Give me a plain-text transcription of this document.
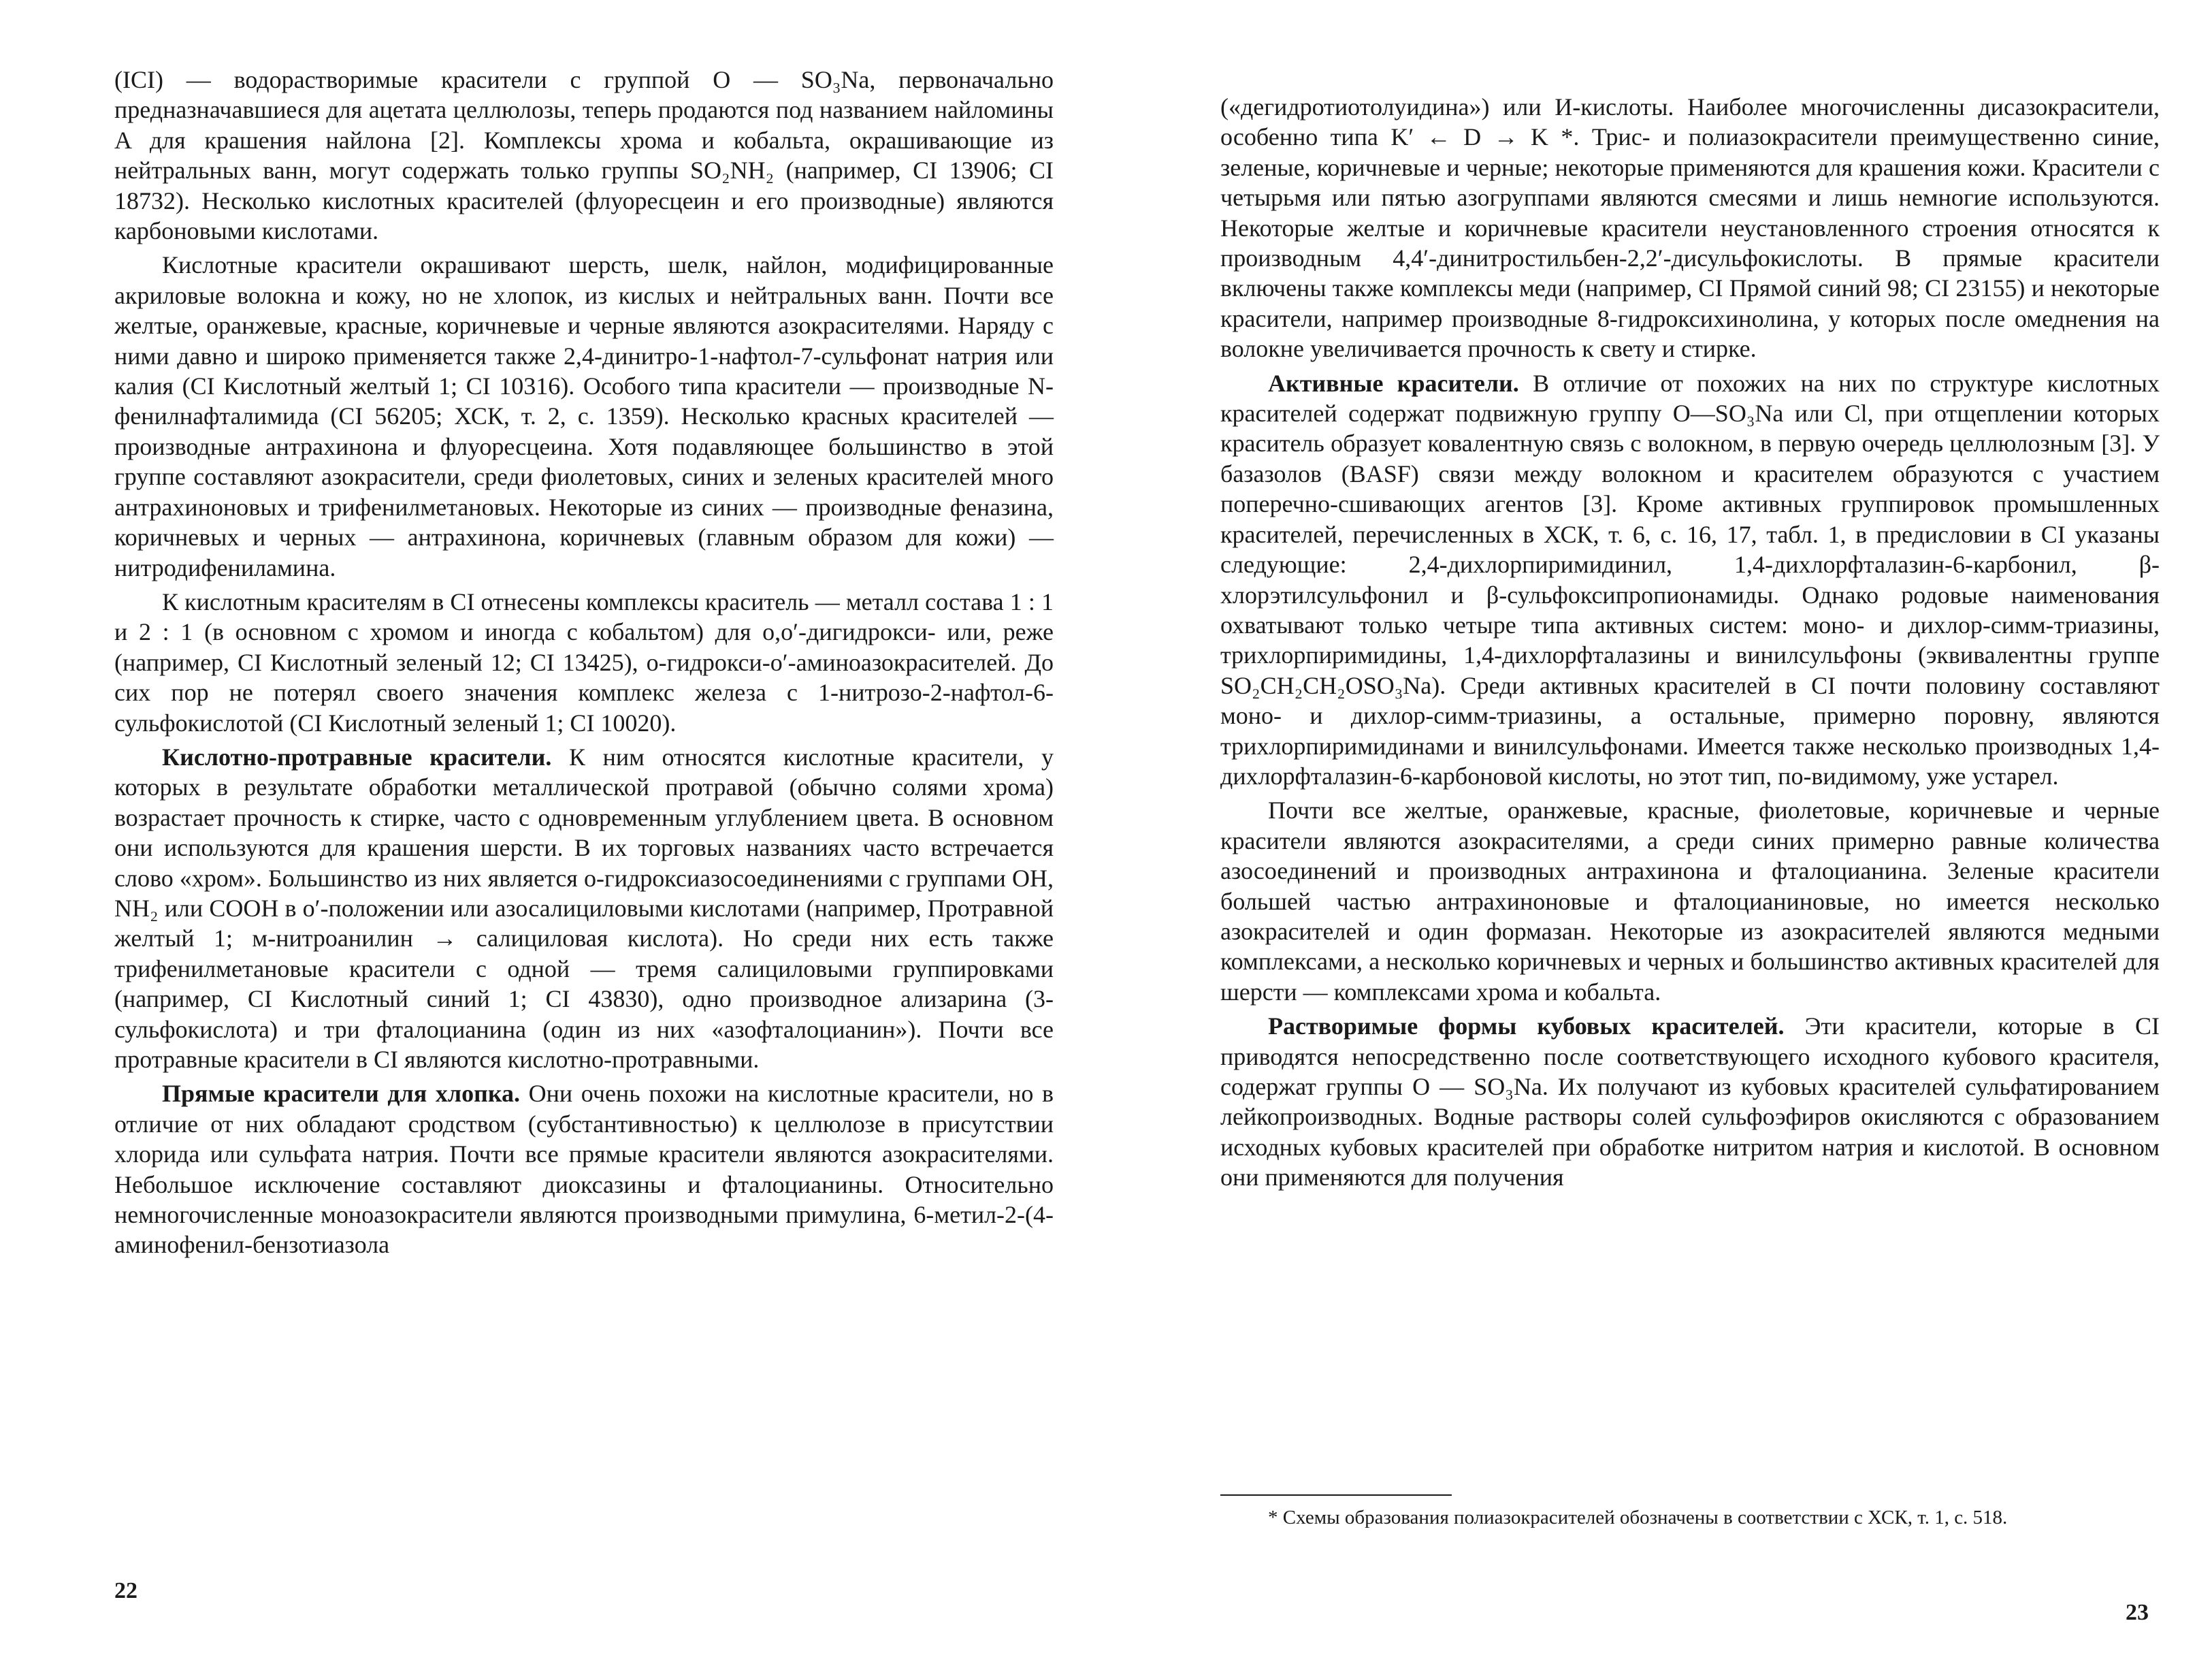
(ICI) — водорастворимые красители с группой O — SO₃Na, первоначально предназначавшиеся для ацетата целлюлозы, теперь продаются под названием найломины A для крашения найлона [2]. Комплексы хрома и кобальта, окрашивающие из нейтральных ванн, могут содержать только группы SO₂NH₂ (например, CI 13906; CI 18732). Несколько кислотных красителей (флуоресцеин и его производные) являются карбоновыми кислотами.

Кислотные красители окрашивают шерсть, шелк, найлон, модифицированные акриловые волокна и кожу, но не хлопок, из кислых и нейтральных ванн. Почти все желтые, оранжевые, красные, коричневые и черные являются азокрасителями. Наряду с ними давно и широко применяется также 2,4-динитро-1-нафтол-7-сульфонат натрия или калия (CI Кислотный желтый 1; CI 10316). Особого типа красители — производные N-фенилнафталимида (CI 56205; ХСК, т. 2, с. 1359). Несколько красных красителей — производные антрахинона и флуоресцеина. Хотя подавляющее большинство в этой группе составляют азокрасители, среди фиолетовых, синих и зеленых красителей много антрахиноновых и трифенилметановых. Некоторые из синих — производные феназина, коричневых и черных — антрахинона, коричневых (главным образом для кожи) — нитродифениламина.

К кислотным красителям в CI отнесены комплексы краситель — металл состава 1 : 1 и 2 : 1 (в основном с хромом и иногда с кобальтом) для o,o′-дигидрокси- или, реже (например, CI Кислотный зеленый 12; CI 13425), o-гидрокси-o′-аминоазокрасителей. До сих пор не потерял своего значения комплекс железа с 1-нитрозо-2-нафтол-6-сульфокислотой (CI Кислотный зеленый 1; CI 10020).

Кислотно-протравные красители. К ним относятся кислотные красители, у которых в результате обработки металлической протравой (обычно солями хрома) возрастает прочность к стирке, часто с одновременным углублением цвета. В основном они используются для крашения шерсти. В их торговых названиях часто встречается слово «хром». Большинство из них является o-гидроксиазосоединениями с группами OH, NH₂ или COOH в o′-положении или азосалициловыми кислотами (например, Протравной желтый 1; м-нитроанилин → салициловая кислота). Но среди них есть также трифенилметановые красители с одной — тремя салициловыми группировками (например, CI Кислотный синий 1; CI 43830), одно производное ализарина (3-сульфокислота) и три фталоцианина (один из них «азофталоцианин»). Почти все протравные красители в CI являются кислотно-протравными.

Прямые красители для хлопка. Они очень похожи на кислотные красители, но в отличие от них обладают сродством (субстантивностью) к целлюлозе в присутствии хлорида или сульфата натрия. Почти все прямые красители являются азокрасителями. Небольшое исключение составляют диоксазины и фталоцианины. Относительно немногочисленные моноазокрасители являются производными примулина, 6-метил-2-(4-аминофенил-бензотиазола

22

(«дегидротиотолуидина») или И-кислоты. Наиболее многочисленны дисазокрасители, особенно типа K′ ← D → K *. Трис- и полиазокрасители преимущественно синие, зеленые, коричневые и черные; некоторые применяются для крашения кожи. Красители с четырьмя или пятью азогруппами являются смесями и лишь немногие используются. Некоторые желтые и коричневые красители неустановленного строения относятся к производным 4,4′-динитростильбен-2,2′-дисульфокислоты. В прямые красители включены также комплексы меди (например, CI Прямой синий 98; CI 23155) и некоторые красители, например производные 8-гидроксихинолина, у которых после омеднения на волокне увеличивается прочность к свету и стирке.

Активные красители. В отличие от похожих на них по структуре кислотных красителей содержат подвижную группу O—SO₃Na или Cl, при отщеплении которых краситель образует ковалентную связь с волокном, в первую очередь целлюлозным [3]. У базазолов (BASF) связи между волокном и красителем образуются с участием поперечно-сшивающих агентов [3]. Кроме активных группировок промышленных красителей, перечисленных в ХСК, т. 6, с. 16, 17, табл. 1, в предисловии в CI указаны следующие: 2,4-дихлорпиримидинил, 1,4-дихлорфталазин-6-карбонил, β-хлорэтилсульфонил и β-сульфоксипропионамиды. Однако родовые наименования охватывают только четыре типа активных систем: моно- и дихлор-симм-триазины, трихлорпиримидины, 1,4-дихлорфталазины и винилсульфоны (эквивалентны группе SO₂CH₂CH₂OSO₃Na). Среди активных красителей в CI почти половину составляют моно- и дихлор-симм-триазины, а остальные, примерно поровну, являются трихлорпиримидинами и винилсульфонами. Имеется также несколько производных 1,4-дихлорфталазин-6-карбоновой кислоты, но этот тип, по-видимому, уже устарел.

Почти все желтые, оранжевые, красные, фиолетовые, коричневые и черные красители являются азокрасителями, а среди синих примерно равные количества азосоединений и производных антрахинона и фталоцианина. Зеленые красители большей частью антрахиноновые и фталоцианиновые, но имеется несколько азокрасителей и один формазан. Некоторые из азокрасителей являются медными комплексами, а несколько коричневых и черных и большинство активных красителей для шерсти — комплексами хрома и кобальта.

Растворимые формы кубовых красителей. Эти красители, которые в CI приводятся непосредственно после соответствующего исходного кубового красителя, содержат группы O — SO₃Na. Их получают из кубовых красителей сульфатированием лейкопроизводных. Водные растворы солей сульфоэфиров окисляются с образованием исходных кубовых красителей при обработке нитритом натрия и кислотой. В основном они применяются для получения

* Схемы образования полиазокрасителей обозначены в соответствии с ХСК, т. 1, с. 518.
23
